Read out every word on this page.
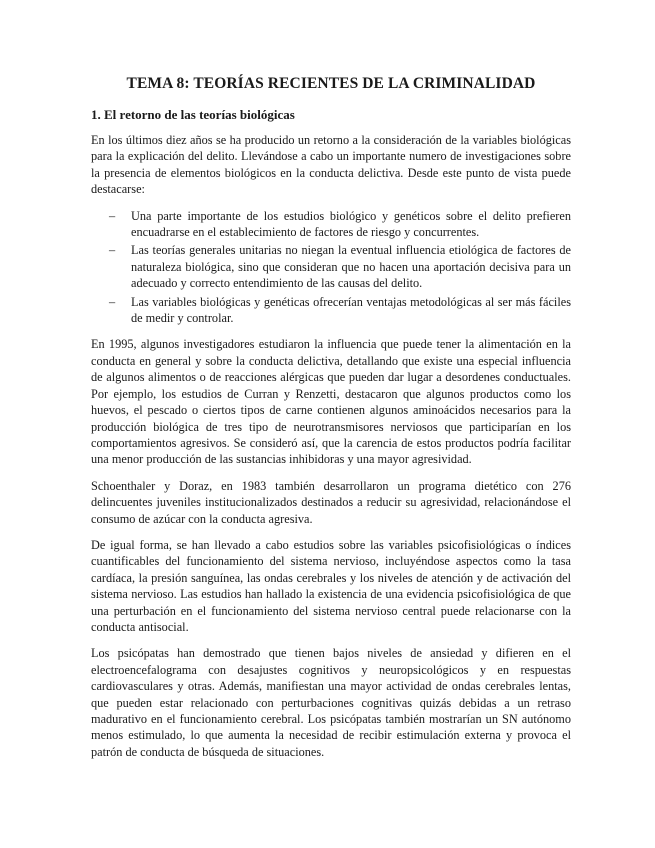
TEMA 8: TEORÍAS RECIENTES DE LA CRIMINALIDAD
1. El retorno de las teorías biológicas

En los últimos diez años se ha producido un retorno a la consideración de la variables biológicas para la explicación del delito. Llevándose a cabo un importante numero de investigaciones sobre la presencia de elementos biológicos en la conducta delictiva. Desde este punto de vista puede destacarse:

–	Una parte importante de los estudios biológico y genéticos sobre el delito prefieren encuadrarse en el establecimiento de factores de riesgo y concurrentes.
–	Las teorías generales unitarias no niegan la eventual influencia etiológica de factores de naturaleza biológica, sino que consideran que no hacen una aportación decisiva para un adecuado y correcto entendimiento de las causas del delito.
–	Las variables biológicas y genéticas ofrecerían ventajas metodológicas al ser más fáciles de medir y controlar.

En 1995, algunos investigadores estudiaron la influencia que puede tener la alimentación en la conducta en general y sobre la conducta delictiva, detallando que existe una especial influencia de algunos alimentos o de reacciones alérgicas que pueden dar lugar a desordenes conductuales. Por ejemplo, los estudios de Curran y Renzetti, destacaron que algunos productos como los huevos, el pescado o ciertos tipos de carne contienen algunos aminoácidos necesarios para la producción biológica de tres tipo de neurotransmisores nerviosos que participarían en los comportamientos agresivos. Se consideró así, que la carencia de estos productos podría facilitar una menor producción de las sustancias inhibidoras y una mayor agresividad.

Schoenthaler y Doraz, en 1983 también desarrollaron un programa dietético con 276 delincuentes juveniles institucionalizados destinados a reducir su agresividad, relacionándose el consumo de azúcar con la conducta agresiva.

De igual forma, se han llevado a cabo estudios sobre las variables psicofisiológicas o índices cuantificables del funcionamiento del sistema nervioso, incluyéndose aspectos como la tasa cardíaca, la presión sanguínea, las ondas cerebrales y los niveles de atención y de activación del sistema nervioso. Las estudios han hallado la existencia de una evidencia psicofisiológica de que una perturbación en el funcionamiento del sistema nervioso central puede relacionarse con la conducta antisocial.

Los psicópatas han demostrado que tienen bajos niveles de ansiedad y difieren en el electroencefalograma con desajustes cognitivos y neuropsicológicos y en respuestas cardiovasculares y otras. Además, manifiestan una mayor actividad de ondas cerebrales lentas, que pueden estar relacionado con perturbaciones cognitivas quizás debidas a un retraso madurativo en el funcionamiento cerebral. Los psicópatas también mostrarían un SN autónomo menos estimulado, lo que aumenta la necesidad de recibir estimulación externa y provoca el patrón de conducta de búsqueda de situaciones.
